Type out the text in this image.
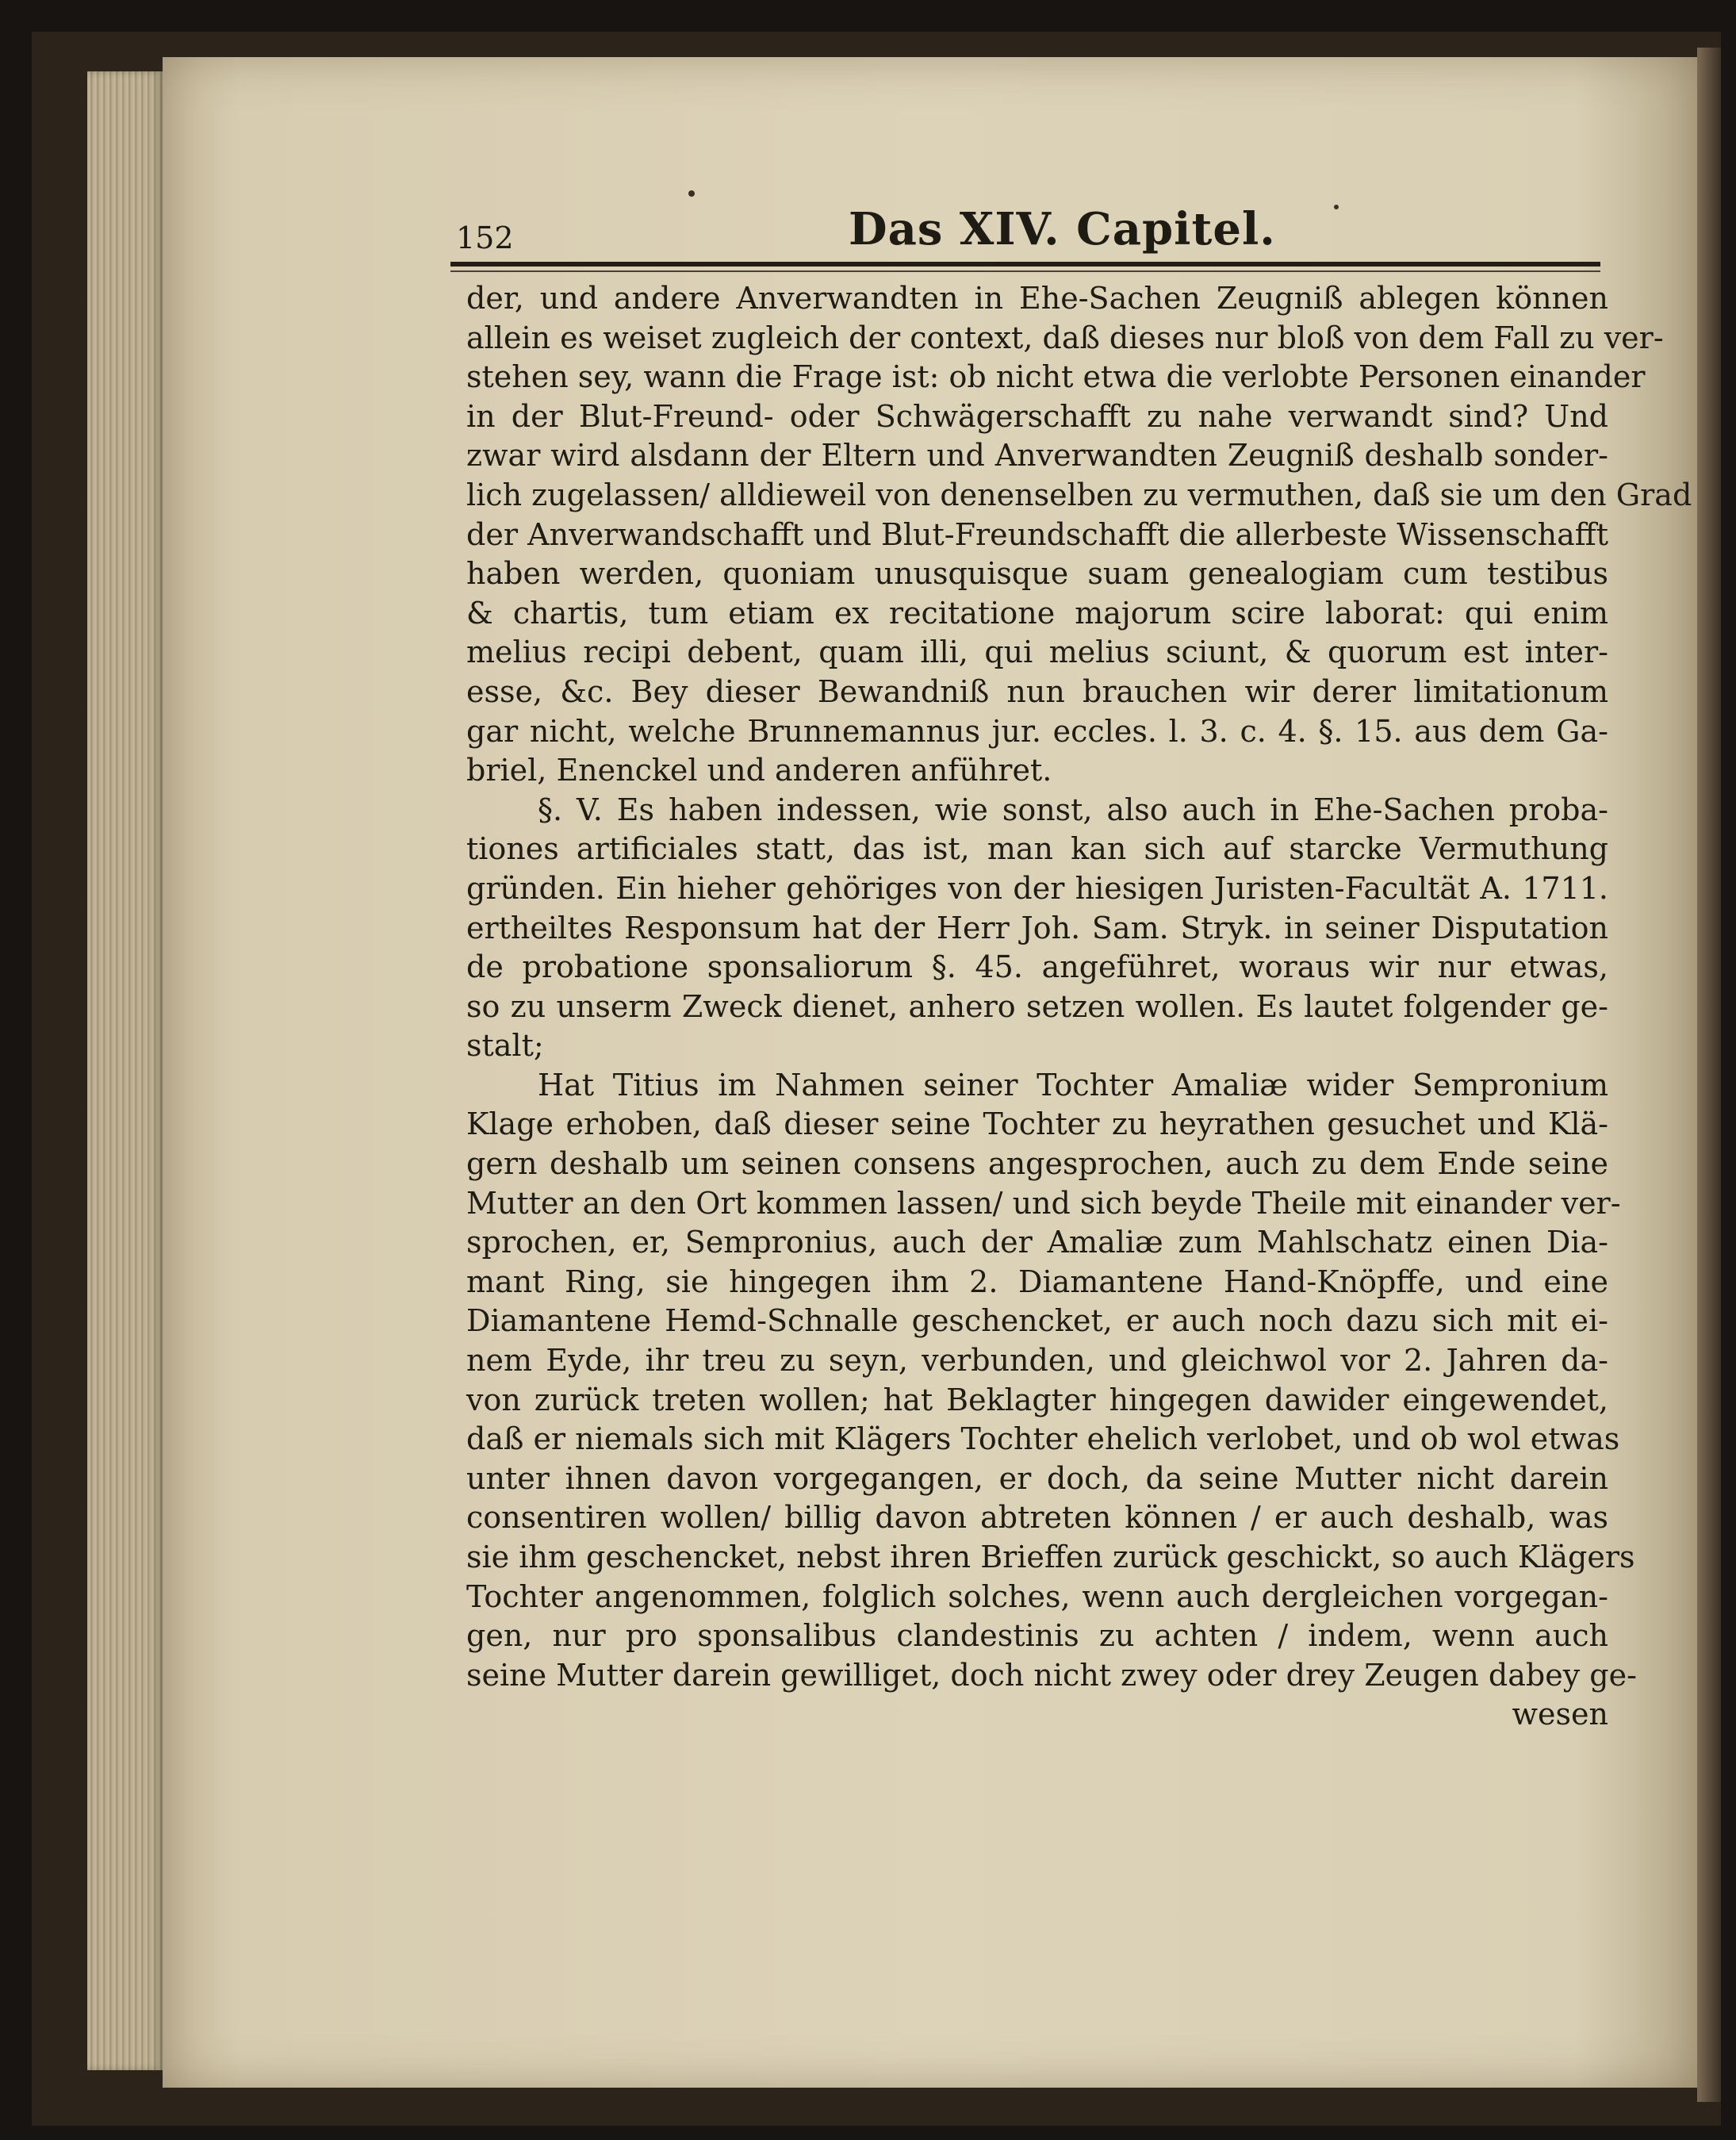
152	Das XIV. Capitel.
der, und andere Anverwandten in Ehe-Sachen Zeugniß ablegen können
allein es weiset zugleich der context, daß dieses nur bloß von dem Fall zu ver-
stehen sey, wann die Frage ist: ob nicht etwa die verlobte Personen einander
in der Blut-Freund- oder Schwägerschafft zu nahe verwandt sind? Und
zwar wird alsdann der Eltern und Anverwandten Zeugniß deshalb sonder-
lich zugelassen/ alldieweil von denenselben zu vermuthen, daß sie um den Grad
der Anverwandschafft und Blut-Freundschafft die allerbeste Wissenschafft
haben werden, quoniam unusquisque suam genealogiam cum testibus
& chartis, tum etiam ex recitatione majorum scire laborat: qui enim
melius recipi debent, quam illi, qui melius sciunt, & quorum est inter-
esse, &c. Bey dieser Bewandniß nun brauchen wir derer limitationum
gar nicht, welche Brunnemannus jur. eccles. l. 3. c. 4. §. 15. aus dem Ga-
briel, Enenckel und anderen anführet.
§. V. Es haben indessen, wie sonst, also auch in Ehe-Sachen proba-
tiones artificiales statt, das ist, man kan sich auf starcke Vermuthung
gründen. Ein hieher gehöriges von der hiesigen Juristen-Facultät A. 1711.
ertheiltes Responsum hat der Herr Joh. Sam. Stryk. in seiner Disputation
de probatione sponsaliorum §. 45. angeführet, woraus wir nur etwas,
so zu unserm Zweck dienet, anhero setzen wollen. Es lautet folgender ge-
stalt;
Hat Titius im Nahmen seiner Tochter Amaliæ wider Sempronium
Klage erhoben, daß dieser seine Tochter zu heyrathen gesuchet und Klä-
gern deshalb um seinen consens angesprochen, auch zu dem Ende seine
Mutter an den Ort kommen lassen/ und sich beyde Theile mit einander ver-
sprochen, er, Sempronius, auch der Amaliæ zum Mahlschatz einen Dia-
mant Ring, sie hingegen ihm 2. Diamantene Hand-Knöpffe, und eine
Diamantene Hemd-Schnalle geschencket, er auch noch dazu sich mit ei-
nem Eyde, ihr treu zu seyn, verbunden, und gleichwol vor 2. Jahren da-
von zurück treten wollen; hat Beklagter hingegen dawider eingewendet,
daß er niemals sich mit Klägers Tochter ehelich verlobet, und ob wol etwas
unter ihnen davon vorgegangen, er doch, da seine Mutter nicht darein
consentiren wollen/ billig davon abtreten können / er auch deshalb, was
sie ihm geschencket, nebst ihren Brieffen zurück geschickt, so auch Klägers
Tochter angenommen, folglich solches, wenn auch dergleichen vorgegan-
gen, nur pro sponsalibus clandestinis zu achten / indem, wenn auch
seine Mutter darein gewilliget, doch nicht zwey oder drey Zeugen dabey ge-
wesen
